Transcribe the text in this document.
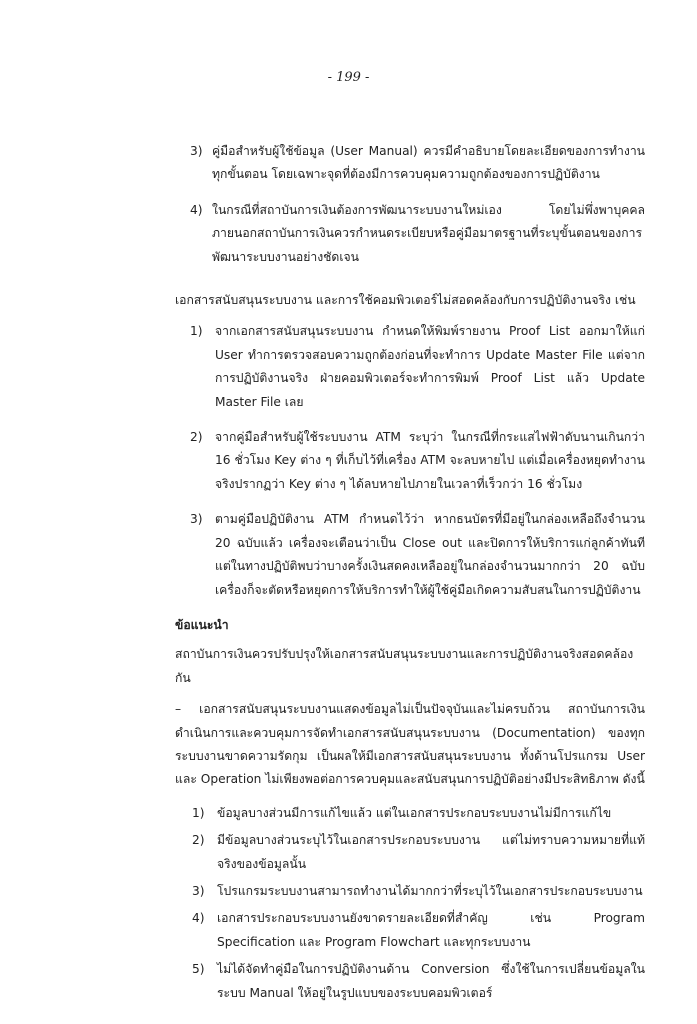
- 199 -
3) คู่มือสำหรับผู้ใช้ข้อมูล (User Manual) ควรมีคำอธิบายโดยละเอียดของการทำงานทุกขั้นตอน โดยเฉพาะจุดที่ต้องมีการควบคุมความถูกต้องของการปฏิบัติงาน
4) ในกรณีที่สถาบันการเงินต้องการพัฒนาระบบงานใหม่เอง โดยไม่พึ่งพาบุคคลภายนอกสถาบันการเงินควรกำหนดระเบียบหรือคู่มือมาตรฐานที่ระบุขั้นตอนของการพัฒนาระบบงานอย่างชัดเจน
เอกสารสนับสนุนระบบงาน และการใช้คอมพิวเตอร์ไม่สอดคล้องกับการปฏิบัติงานจริง เช่น
1)	จากเอกสารสนับสนุนระบบงาน กำหนดให้พิมพ์รายงาน Proof List ออกมาให้แก่ User ทำการตรวจสอบความถูกต้องก่อนที่จะทำการ Update Master File แต่จากการปฏิบัติงานจริง ฝ่ายคอมพิวเตอร์จะทำการพิมพ์ Proof List แล้ว Update Master File เลย
2)	จากคู่มือสำหรับผู้ใช้ระบบงาน ATM ระบุว่า ในกรณีที่กระแสไฟฟ้าดับนานเกินกว่า 16 ชั่วโมง Key ต่าง ๆ ที่เก็บไว้ที่เครื่อง ATM จะลบหายไป แต่เมื่อเครื่องหยุดทำงานจริงปรากฏว่า Key ต่าง ๆ ได้ลบหายไปภายในเวลาที่เร็วกว่า 16 ชั่วโมง
3)	ตามคู่มือปฏิบัติงาน ATM กำหนดไว้ว่า หากธนบัตรที่มีอยู่ในกล่องเหลือถึงจำนวน 20 ฉบับแล้ว เครื่องจะเตือนว่าเป็น Close out และปิดการให้บริการแก่ลูกค้าทันที แต่ในทางปฏิบัติพบว่าบางครั้งเงินสดคงเหลืออยู่ในกล่องจำนวนมากกว่า 20 ฉบับ เครื่องก็จะตัดหรือหยุดการให้บริการทำให้ผู้ใช้คู่มือเกิดความสับสนในการปฏิบัติงาน
ข้อแนะนำ
สถาบันการเงินควรปรับปรุงให้เอกสารสนับสนุนระบบงานและการปฏิบัติงานจริงสอดคล้องกัน
– เอกสารสนับสนุนระบบงานแสดงข้อมูลไม่เป็นปัจจุบันและไม่ครบถ้วน สถาบันการเงินดำเนินการและควบคุมการจัดทำเอกสารสนับสนุนระบบงาน (Documentation) ของทุกระบบงานขาดความรัดกุม เป็นผลให้มีเอกสารสนับสนุนระบบงาน ทั้งด้านโปรแกรม User และ Operation ไม่เพียงพอต่อการควบคุมและสนับสนุนการปฏิบัติอย่างมีประสิทธิภาพ ดังนี้
1)	ข้อมูลบางส่วนมีการแก้ไขแล้ว แต่ในเอกสารประกอบระบบงานไม่มีการแก้ไข
2)	มีข้อมูลบางส่วนระบุไว้ในเอกสารประกอบระบบงาน แต่ไม่ทราบความหมายที่แท้จริงของข้อมูลนั้น
3)	โปรแกรมระบบงานสามารถทำงานได้มากกว่าที่ระบุไว้ในเอกสารประกอบระบบงาน
4)	เอกสารประกอบระบบงานยังขาดรายละเอียดที่สำคัญ เช่น Program Specification และ Program Flowchart และทุกระบบงาน
5)	ไม่ได้จัดทำคู่มือในการปฏิบัติงานด้าน Conversion ซึ่งใช้ในการเปลี่ยนข้อมูลในระบบ Manual ให้อยู่ในรูปแบบของระบบคอมพิวเตอร์
